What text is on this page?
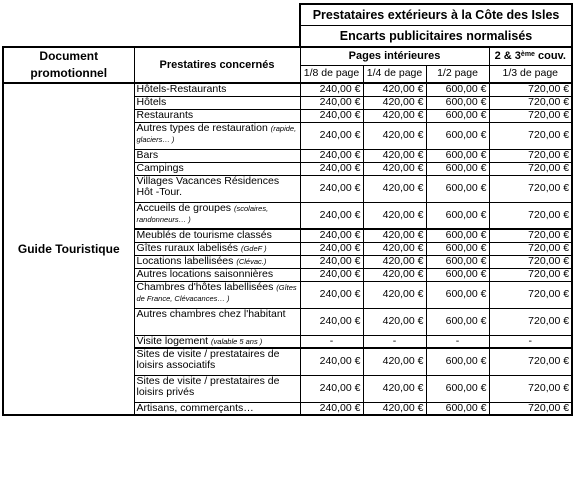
		Prestataires extérieurs à la Côte des Isles			
		Encarts publicitaires normalisés			
Document promotionnel	Prestatires concernés	Pages intérieures			2 & 3ème couv.
		1/8 de page	1/4 de page	1/2 page	1/3 de page
Guide Touristique	Hôtels-Restaurants	240,00 €	420,00 €	600,00 €	720,00 €
	Hôtels	240,00 €	420,00 €	600,00 €	720,00 €
	Restaurants	240,00 €	420,00 €	600,00 €	720,00 €
	Autres types de restauration (rapide, glaciers… )	240,00 €	420,00 €	600,00 €	720,00 €
	Bars	240,00 €	420,00 €	600,00 €	720,00 €
	Campings	240,00 €	420,00 €	600,00 €	720,00 €
	Villages Vacances Résidences Hôt -Tour.	240,00 €	420,00 €	600,00 €	720,00 €
	Accueils de groupes (scolaires, randonneurs… )	240,00 €	420,00 €	600,00 €	720,00 €
	Meublés de tourisme classés	240,00 €	420,00 €	600,00 €	720,00 €
	Gîtes ruraux labelisés (GdeF )	240,00 €	420,00 €	600,00 €	720,00 €
	Locations labellisées (Clévac.)	240,00 €	420,00 €	600,00 €	720,00 €
	Autres locations saisonnières	240,00 €	420,00 €	600,00 €	720,00 €
	Chambres d'hôtes labellisées (Gîtes de France, Clévacances… )	240,00 €	420,00 €	600,00 €	720,00 €
	Autres chambres chez l'habitant	240,00 €	420,00 €	600,00 €	720,00 €
	Visite logement (valable 5 ans )	-	-	-	-
	Sites de visite / prestataires de loisirs associatifs	240,00 €	420,00 €	600,00 €	720,00 €
	Sites de visite / prestataires de loisirs privés	240,00 €	420,00 €	600,00 €	720,00 €
	Artisans, commerçants…	240,00 €	420,00 €	600,00 €	720,00 €
